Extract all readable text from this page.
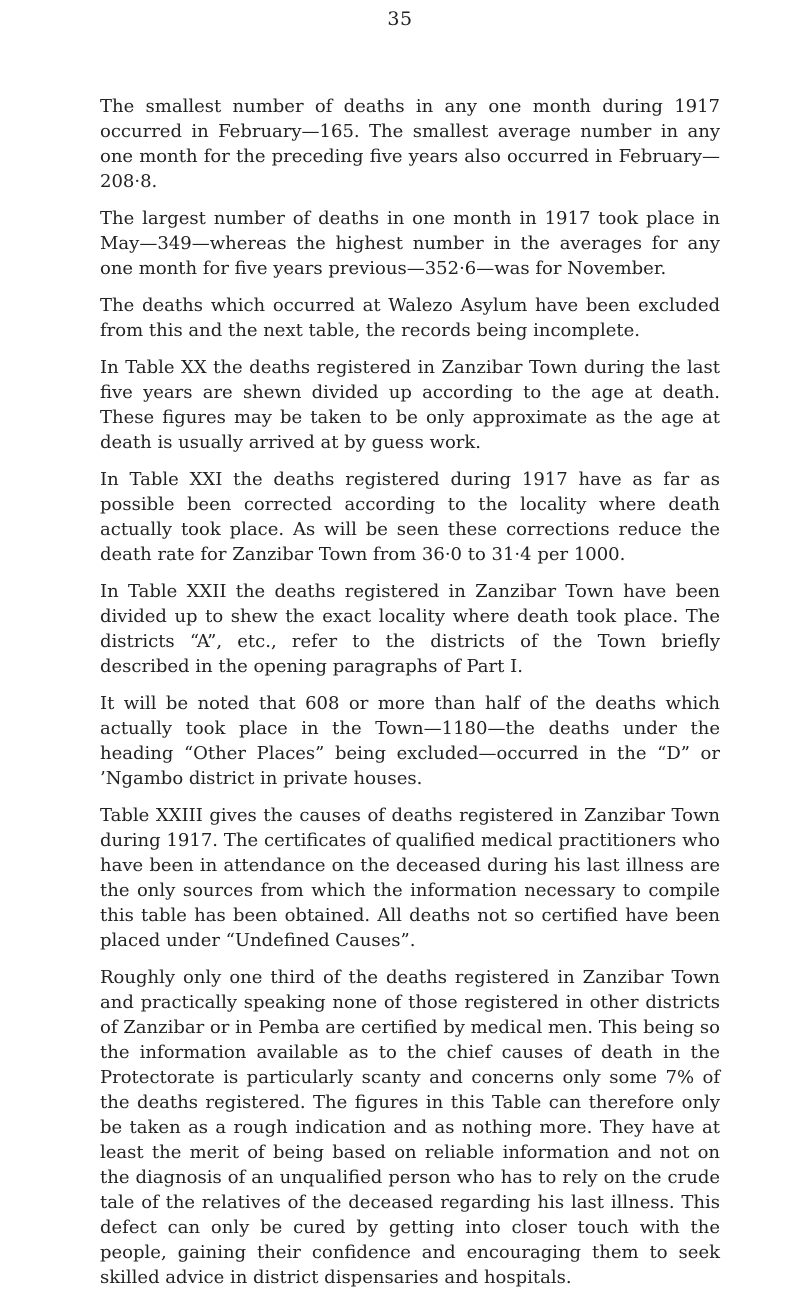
35

The smallest number of deaths in any one month during 1917 occurred in February—165. The smallest average number in any one month for the preceding five years also occurred in February—208·8.

The largest number of deaths in one month in 1917 took place in May—349—whereas the highest number in the averages for any one month for five years previous—352·6—was for November.

The deaths which occurred at Walezo Asylum have been excluded from this and the next table, the records being incomplete.

In Table XX the deaths registered in Zanzibar Town during the last five years are shewn divided up according to the age at death. These figures may be taken to be only approximate as the age at death is usually arrived at by guess work.

In Table XXI the deaths registered during 1917 have as far as possible been corrected according to the locality where death actually took place. As will be seen these corrections reduce the death rate for Zanzibar Town from 36·0 to 31·4 per 1000.

In Table XXII the deaths registered in Zanzibar Town have been divided up to shew the exact locality where death took place. The districts “A”, etc., refer to the districts of the Town briefly described in the opening paragraphs of Part I.

It will be noted that 608 or more than half of the deaths which actually took place in the Town—1180—the deaths under the heading “Other Places” being excluded—occurred in the “D” or ’Ngambo district in private houses.

Table XXIII gives the causes of deaths registered in Zanzibar Town during 1917. The certificates of qualified medical practitioners who have been in attendance on the deceased during his last illness are the only sources from which the information necessary to compile this table has been obtained. All deaths not so certified have been placed under “Undefined Causes”.

Roughly only one third of the deaths registered in Zanzibar Town and practically speaking none of those registered in other districts of Zanzibar or in Pemba are certified by medical men. This being so the information available as to the chief causes of death in the Protectorate is particularly scanty and concerns only some 7% of the deaths registered. The figures in this Table can therefore only be taken as a rough indication and as nothing more. They have at least the merit of being based on reliable information and not on the diagnosis of an unqualified person who has to rely on the crude tale of the relatives of the deceased regarding his last illness. This defect can only be cured by getting into closer touch with the people, gaining their confidence and encouraging them to seek skilled advice in district dispensaries and hospitals.
